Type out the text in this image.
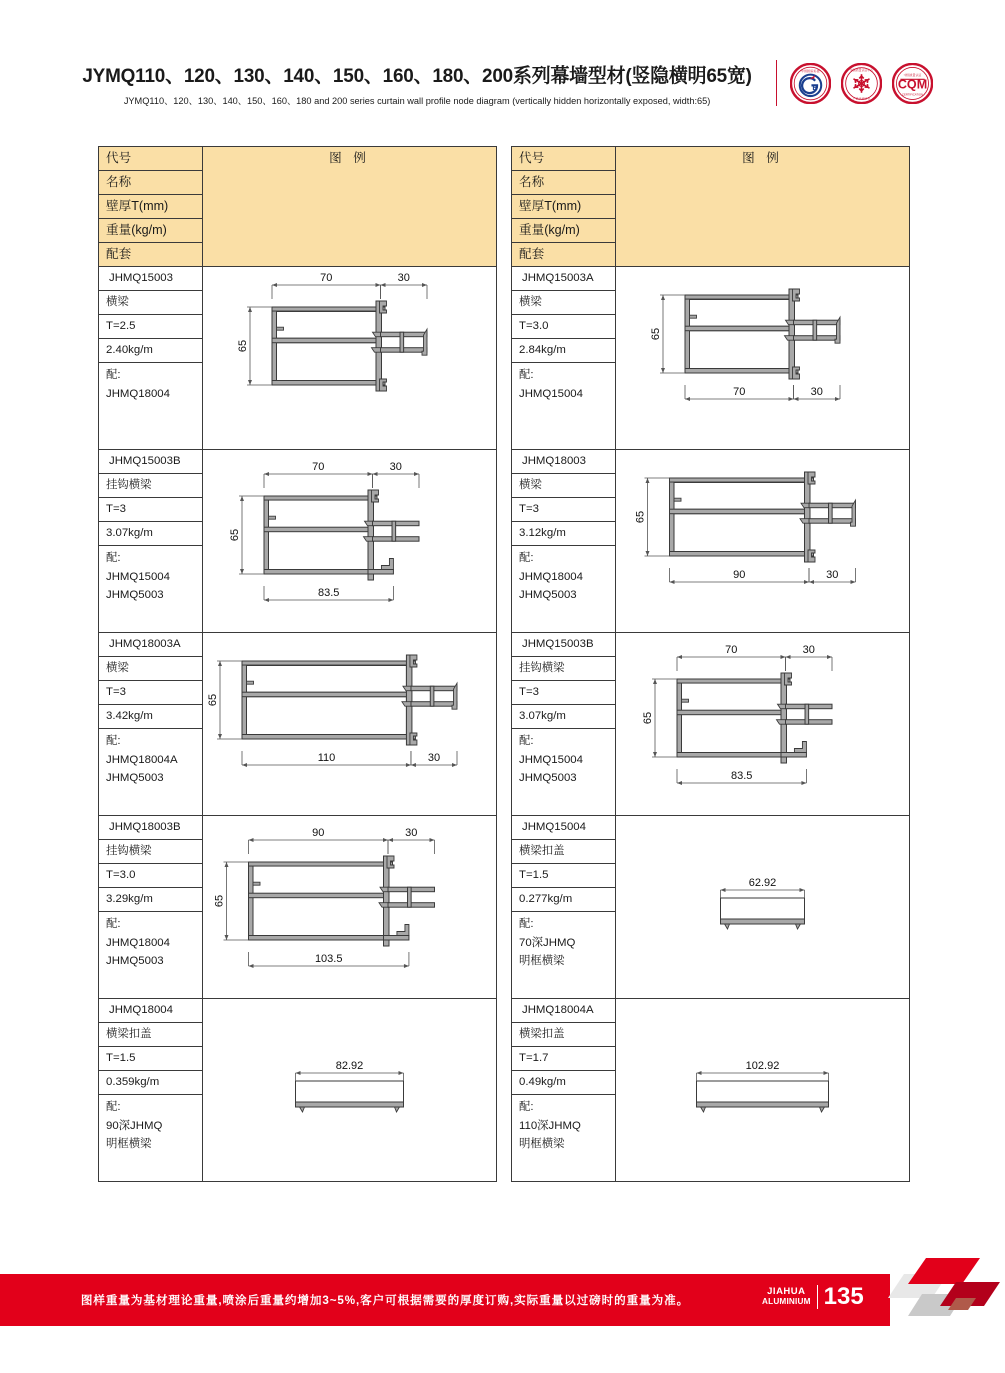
JYMQ110、120、130、140、150、160、180、200系列幕墙型材(竖隐横明65宽)
JYMQ110、120、130、140、150、160、180 and 200 series curtain wall profile node diagram (vertically hidden horizontally exposed, width:65)
B
中国国家标准	中国质量认证中心
产品认证证书
CQM
中国质量认证
CERTIFICATION
代号	图 例
名称	
壁厚T(mm)	
重量(kg/m)	
配套	
JHMQ15003	70 30
65

横梁	
T=2.5	
2.40kg/m	

配:
JHMQ18004	

JHMQ15003B	70 30
65
83.5

挂钩横梁	
T=3	
3.07kg/m	

配:
JHMQ15004
JHMQ5003	

JHMQ18003A	110 30
65

横梁	
T=3	
3.42kg/m	

配:
JHMQ18004A
JHMQ5003	

JHMQ18003B	90 30
65
103.5

挂钩横梁	
T=3.0	
3.29kg/m	

配:
JHMQ18004
JHMQ5003	

JHMQ18004	82.92

横梁扣盖	
T=1.5	
0.359kg/m	

配:
90深JHMQ
明框横梁	
代号	图 例
名称	
壁厚T(mm)	
重量(kg/m)	
配套	
JHMQ15003A	70 30
65

横梁	
T=3.0	
2.84kg/m	

配:
JHMQ15004	

JHMQ18003	90 30
65

横梁	
T=3	
3.12kg/m	

配:
JHMQ18004
JHMQ5003	

JHMQ15003B	70 30
65
83.5

挂钩横梁	
T=3	
3.07kg/m	

配:
JHMQ15004
JHMQ5003	

JHMQ15004	62.92

横梁扣盖	
T=1.5	
0.277kg/m	

配:
70深JHMQ
明框横梁	

JHMQ18004A	102.92

横梁扣盖	
T=1.7	
0.49kg/m	

配:
110深JHMQ
明框横梁	
图样重量为基材理论重量,喷涂后重量约增加3~5%,客户可根据需要的厚度订购,实际重量以过磅时的重量为准。
JIAHUA
ALUMINIUM 135
